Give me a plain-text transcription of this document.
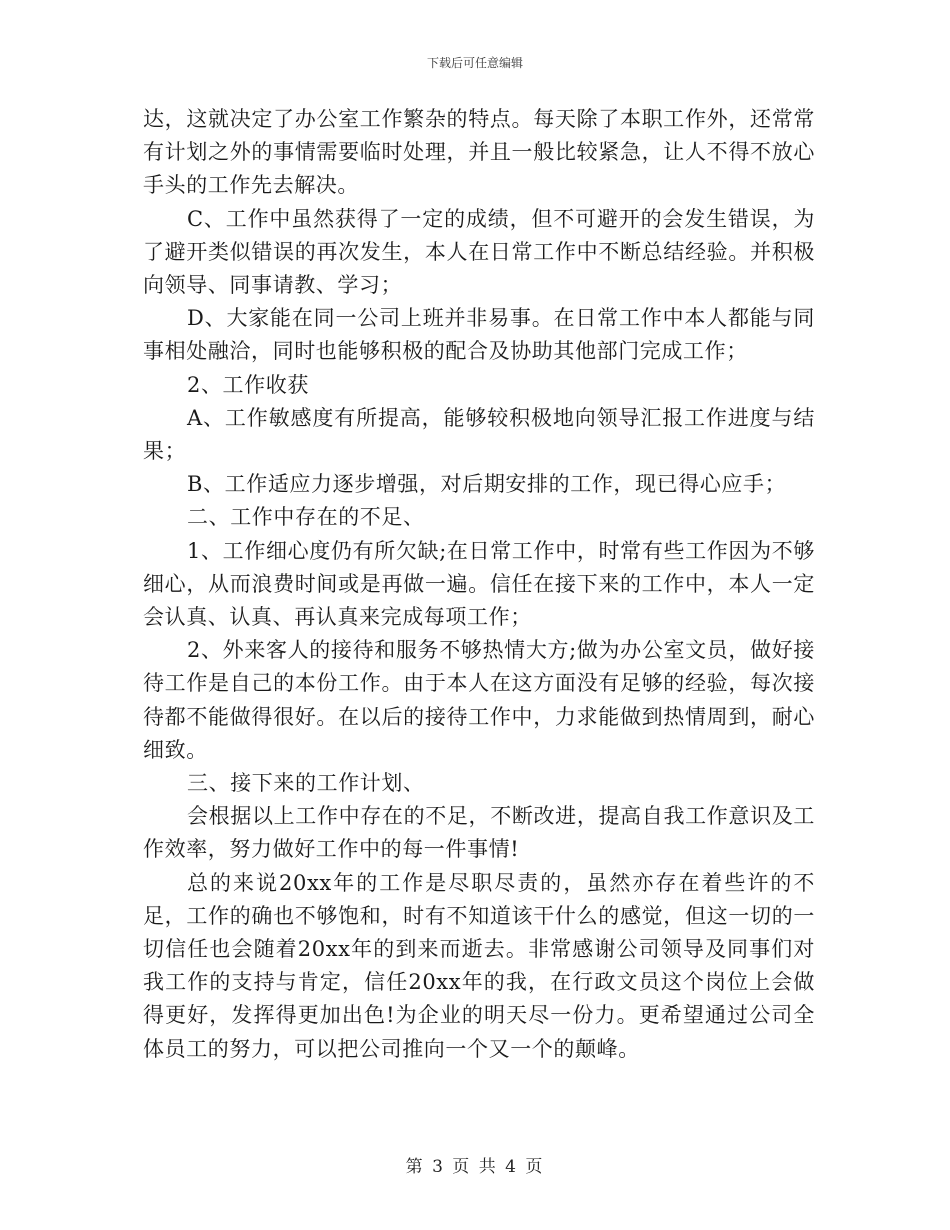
下载后可任意编辑

达，这就决定了办公室工作繁杂的特点。每天除了本职工作外，还常常有计划之外的事情需要临时处理，并且一般比较紧急，让人不得不放心手头的工作先去解决。

C、工作中虽然获得了一定的成绩，但不可避开的会发生错误，为了避开类似错误的再次发生，本人在日常工作中不断总结经验。并积极向领导、同事请教、学习；

D、大家能在同一公司上班并非易事。在日常工作中本人都能与同事相处融洽，同时也能够积极的配合及协助其他部门完成工作；

2、工作收获

A、工作敏感度有所提高，能够较积极地向领导汇报工作进度与结果；

B、工作适应力逐步增强，对后期安排的工作，现已得心应手；

二、工作中存在的不足、

1、工作细心度仍有所欠缺;在日常工作中，时常有些工作因为不够细心，从而浪费时间或是再做一遍。信任在接下来的工作中，本人一定会认真、认真、再认真来完成每项工作；

2、外来客人的接待和服务不够热情大方;做为办公室文员，做好接待工作是自己的本份工作。由于本人在这方面没有足够的经验，每次接待都不能做得很好。在以后的接待工作中，力求能做到热情周到，耐心细致。

三、接下来的工作计划、

会根据以上工作中存在的不足，不断改进，提高自我工作意识及工作效率，努力做好工作中的每一件事情!

总的来说20xx年的工作是尽职尽责的，虽然亦存在着些许的不足，工作的确也不够饱和，时有不知道该干什么的感觉，但这一切的一切信任也会随着20xx年的到来而逝去。非常感谢公司领导及同事们对我工作的支持与肯定，信任20xx年的我，在行政文员这个岗位上会做得更好，发挥得更加出色!为企业的明天尽一份力。更希望通过公司全体员工的努力，可以把公司推向一个又一个的颠峰。

第 3 页 共 4 页
